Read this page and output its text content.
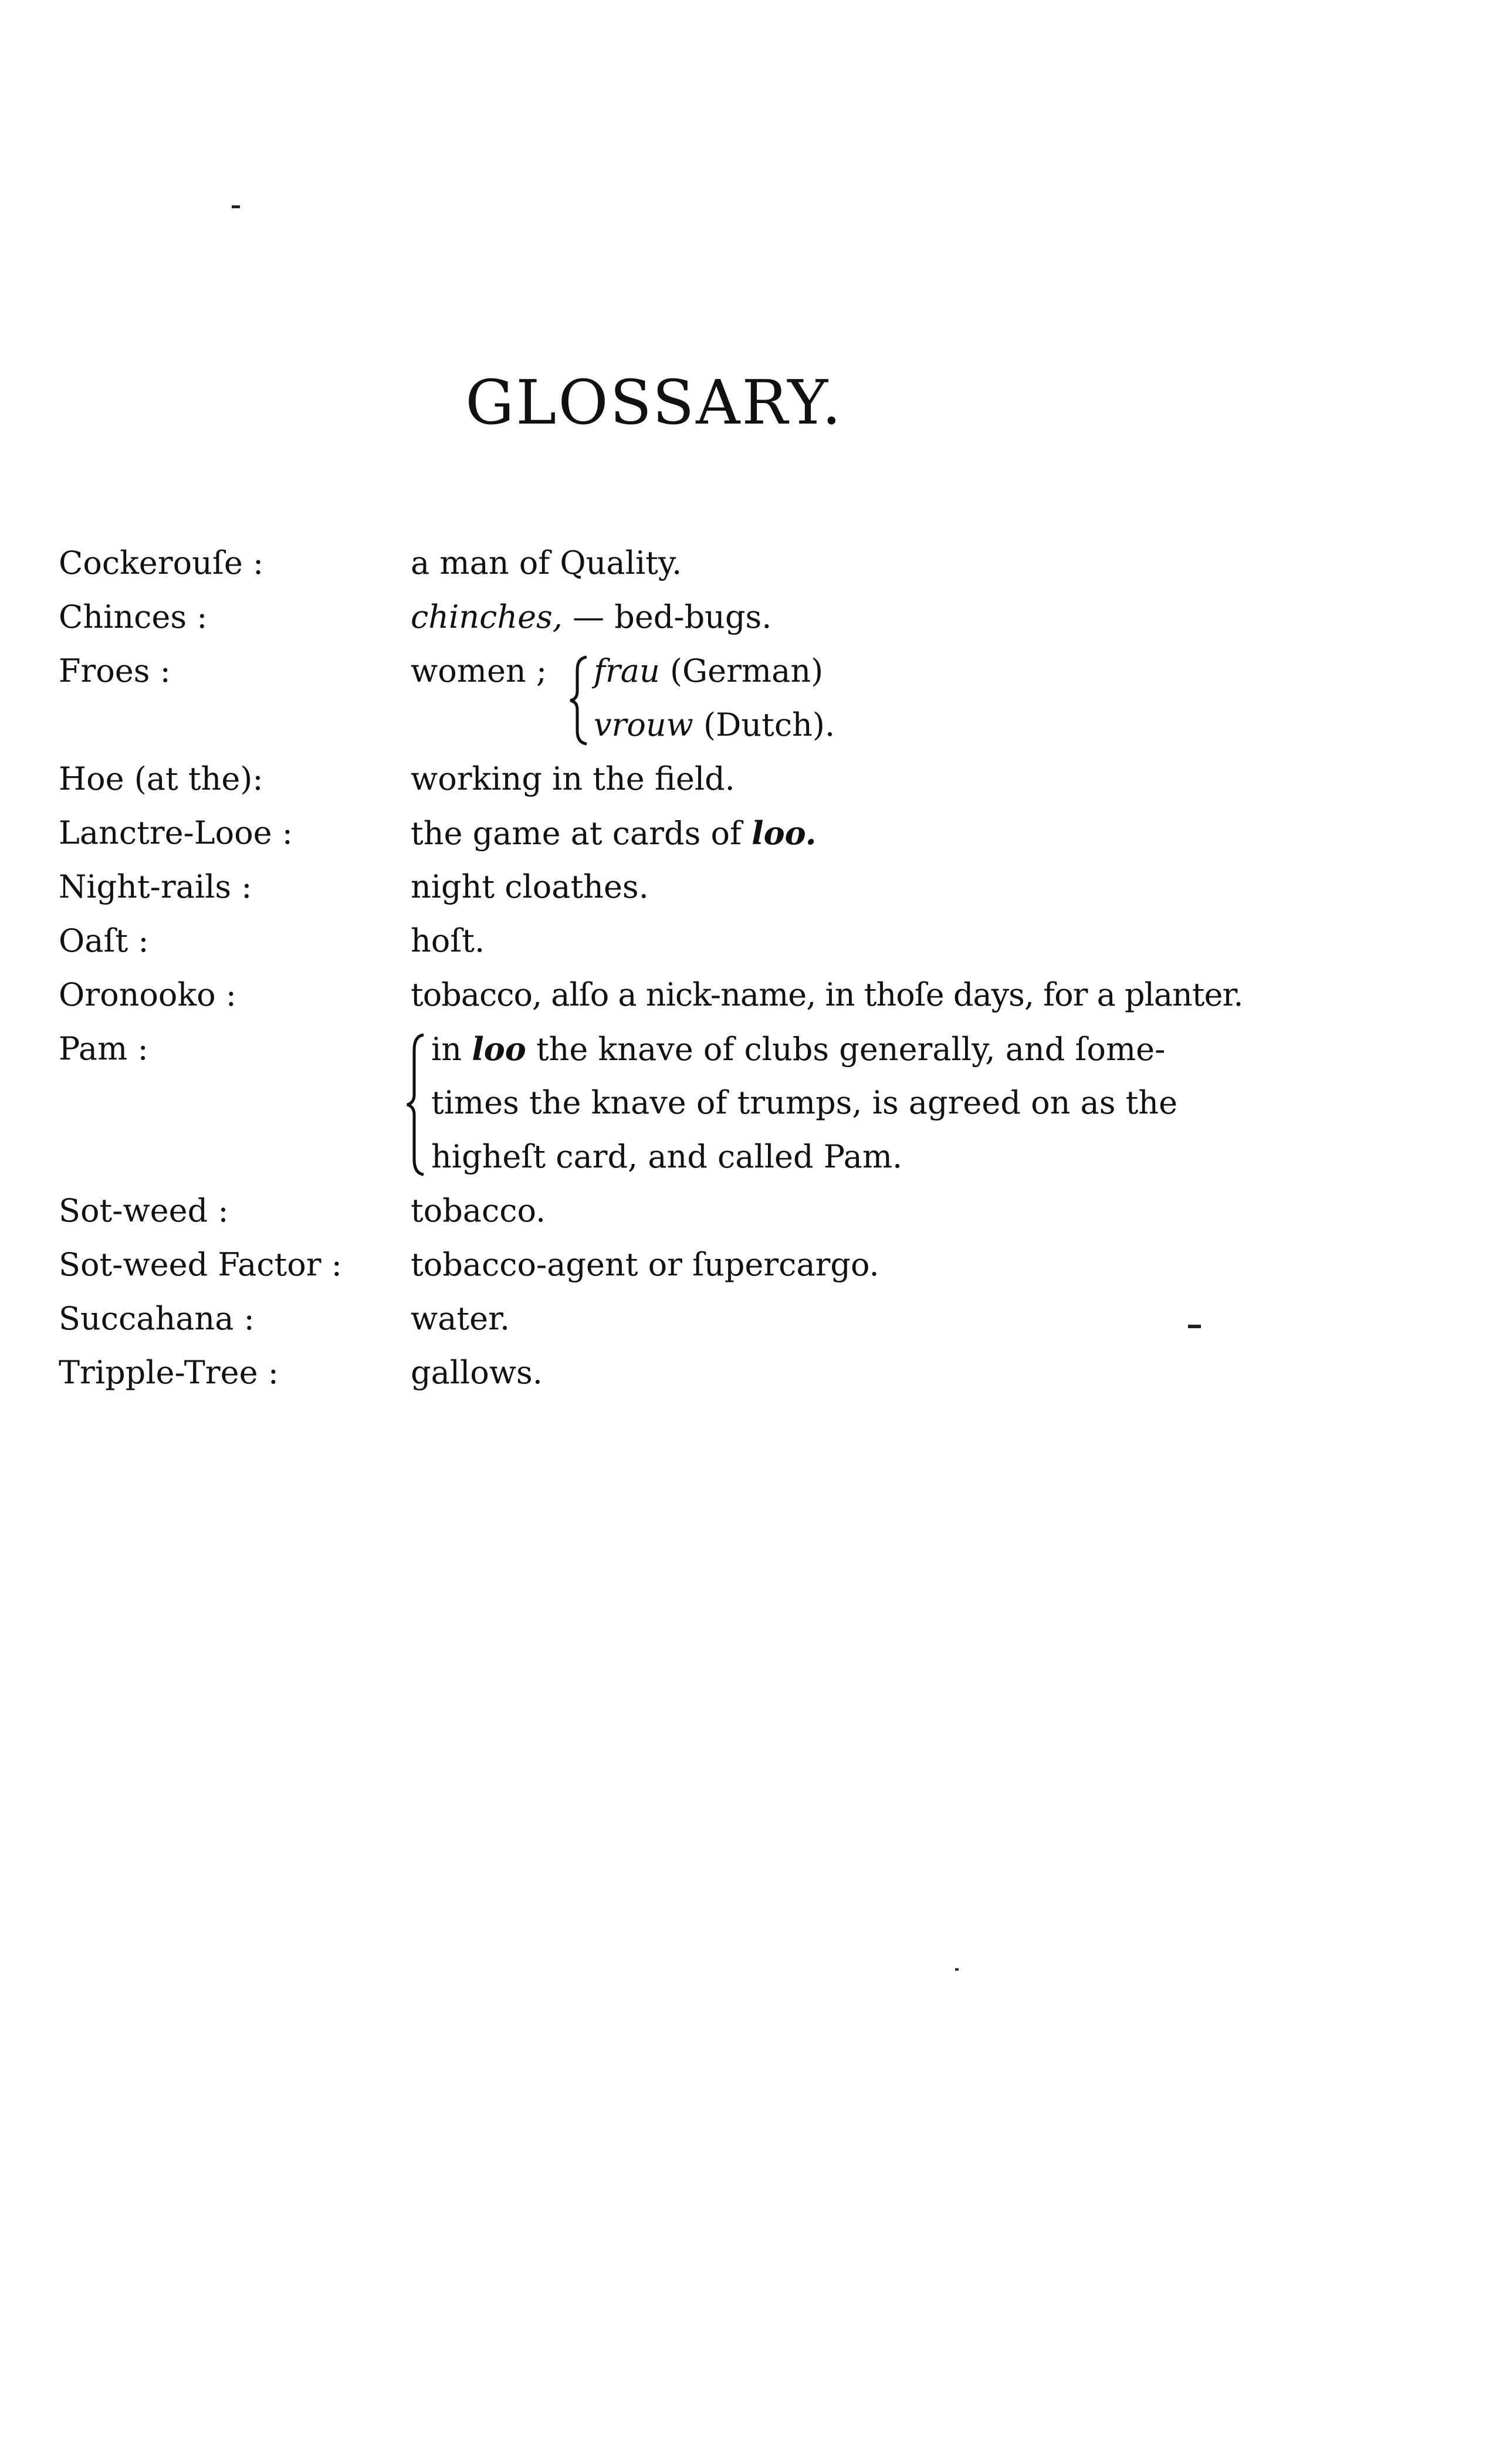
GLOSSARY.
Cockerouſe :	a man of Quality.
Chinces :	chinches, — bed-bugs.
Froes :	women ; frau (German)
vrouw (Dutch).
Hoe (at the):	working in the field.
Lanctre-Looe :	the game at cards of loo.
Night-rails :	night cloathes.
Oaſt :	hoſt.
Oronooko :	tobacco, alſo a nick-name, in thoſe days, for a planter.
Pam :	in loo the knave of clubs generally, and ſome-
times the knave of trumps, is agreed on as the
higheſt card, and called Pam.
Sot-weed :	tobacco.
Sot-weed Factor : tobacco-agent or ſupercargo.
Succahana :	water.
Tripple-Tree :	gallows.
